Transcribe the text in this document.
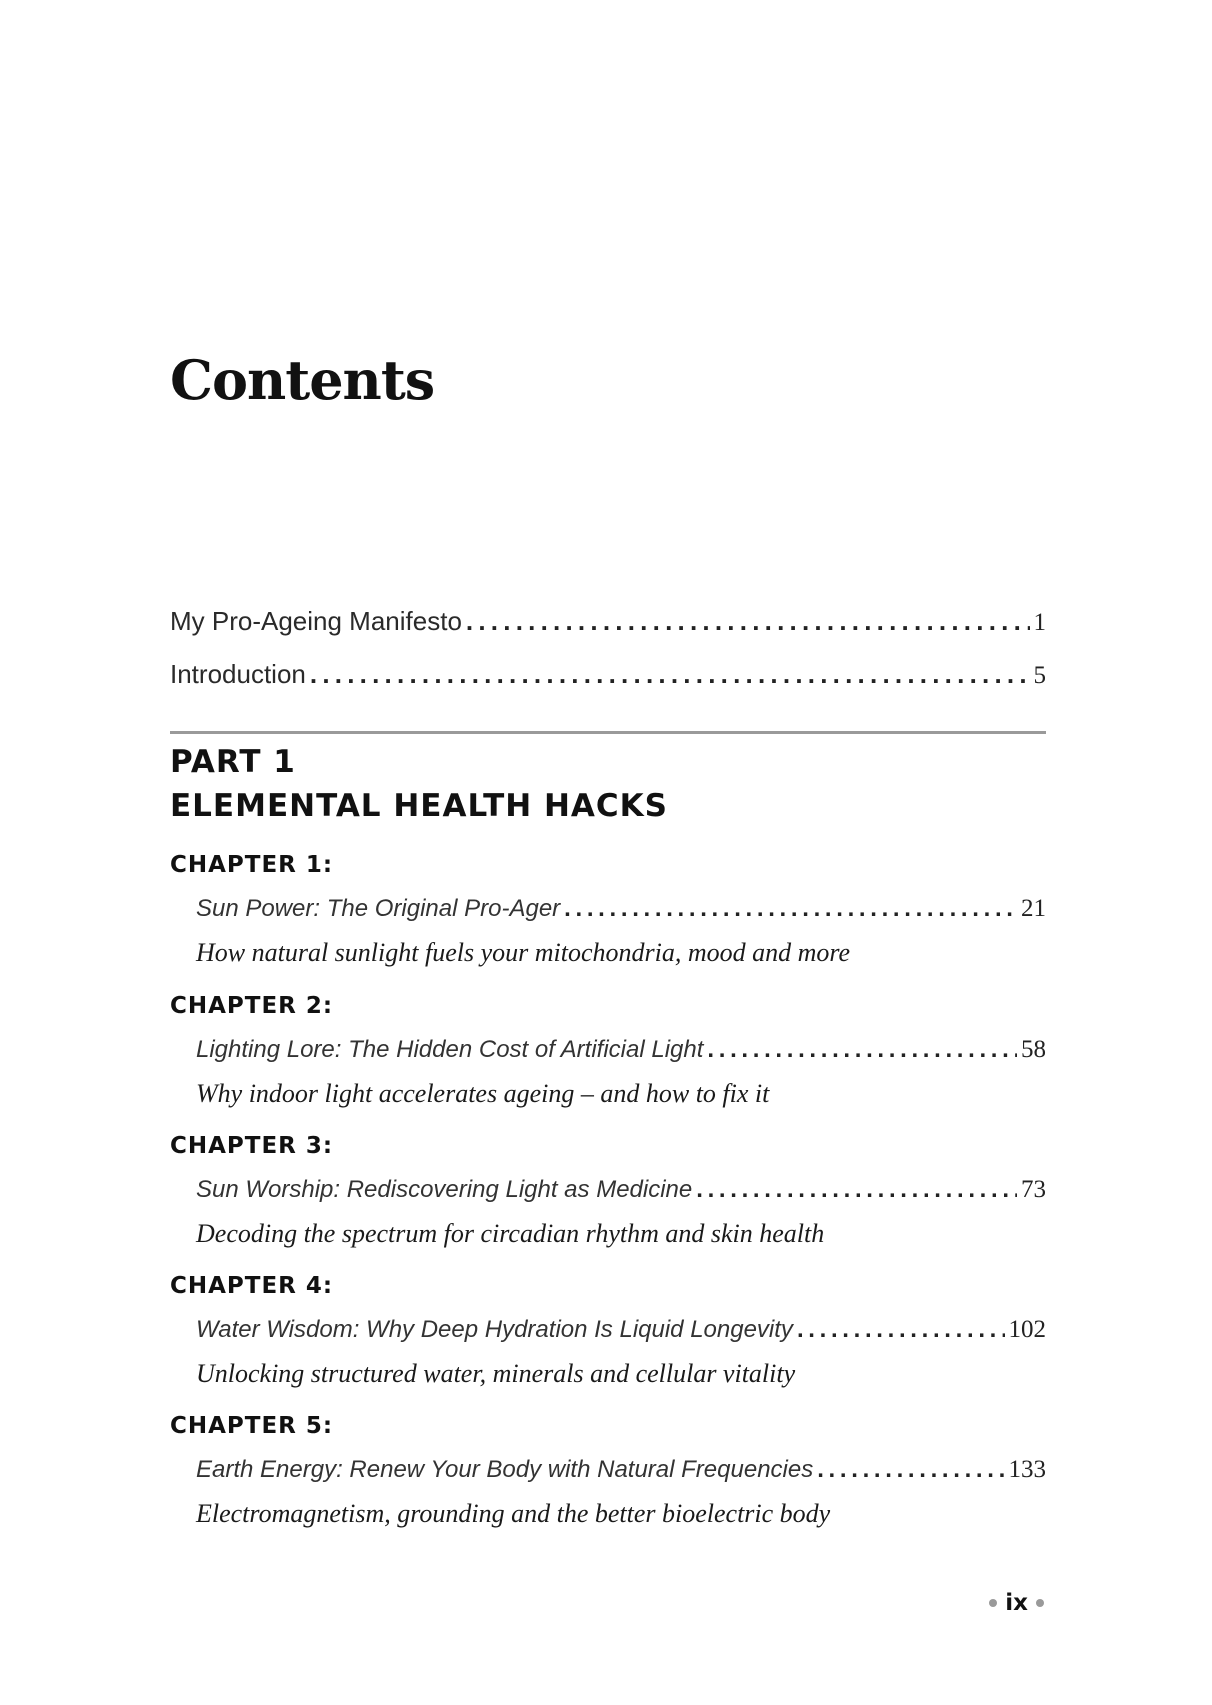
Contents
My Pro-Ageing Manifesto . . .	1
Introduction . . .	5
PART 1
ELEMENTAL HEALTH HACKS
CHAPTER 1:
Sun Power: The Original Pro-Ager . . .	21
How natural sunlight fuels your mitochondria, mood and more
CHAPTER 2:
Lighting Lore: The Hidden Cost of Artificial Light . . .	58
Why indoor light accelerates ageing – and how to fix it
CHAPTER 3:
Sun Worship: Rediscovering Light as Medicine . . .	73
Decoding the spectrum for circadian rhythm and skin health
CHAPTER 4:
Water Wisdom: Why Deep Hydration Is Liquid Longevity . . .	102
Unlocking structured water, minerals and cellular vitality
CHAPTER 5:
Earth Energy: Renew Your Body with Natural Frequencies . . .	133
Electromagnetism, grounding and the better bioelectric body
ix
